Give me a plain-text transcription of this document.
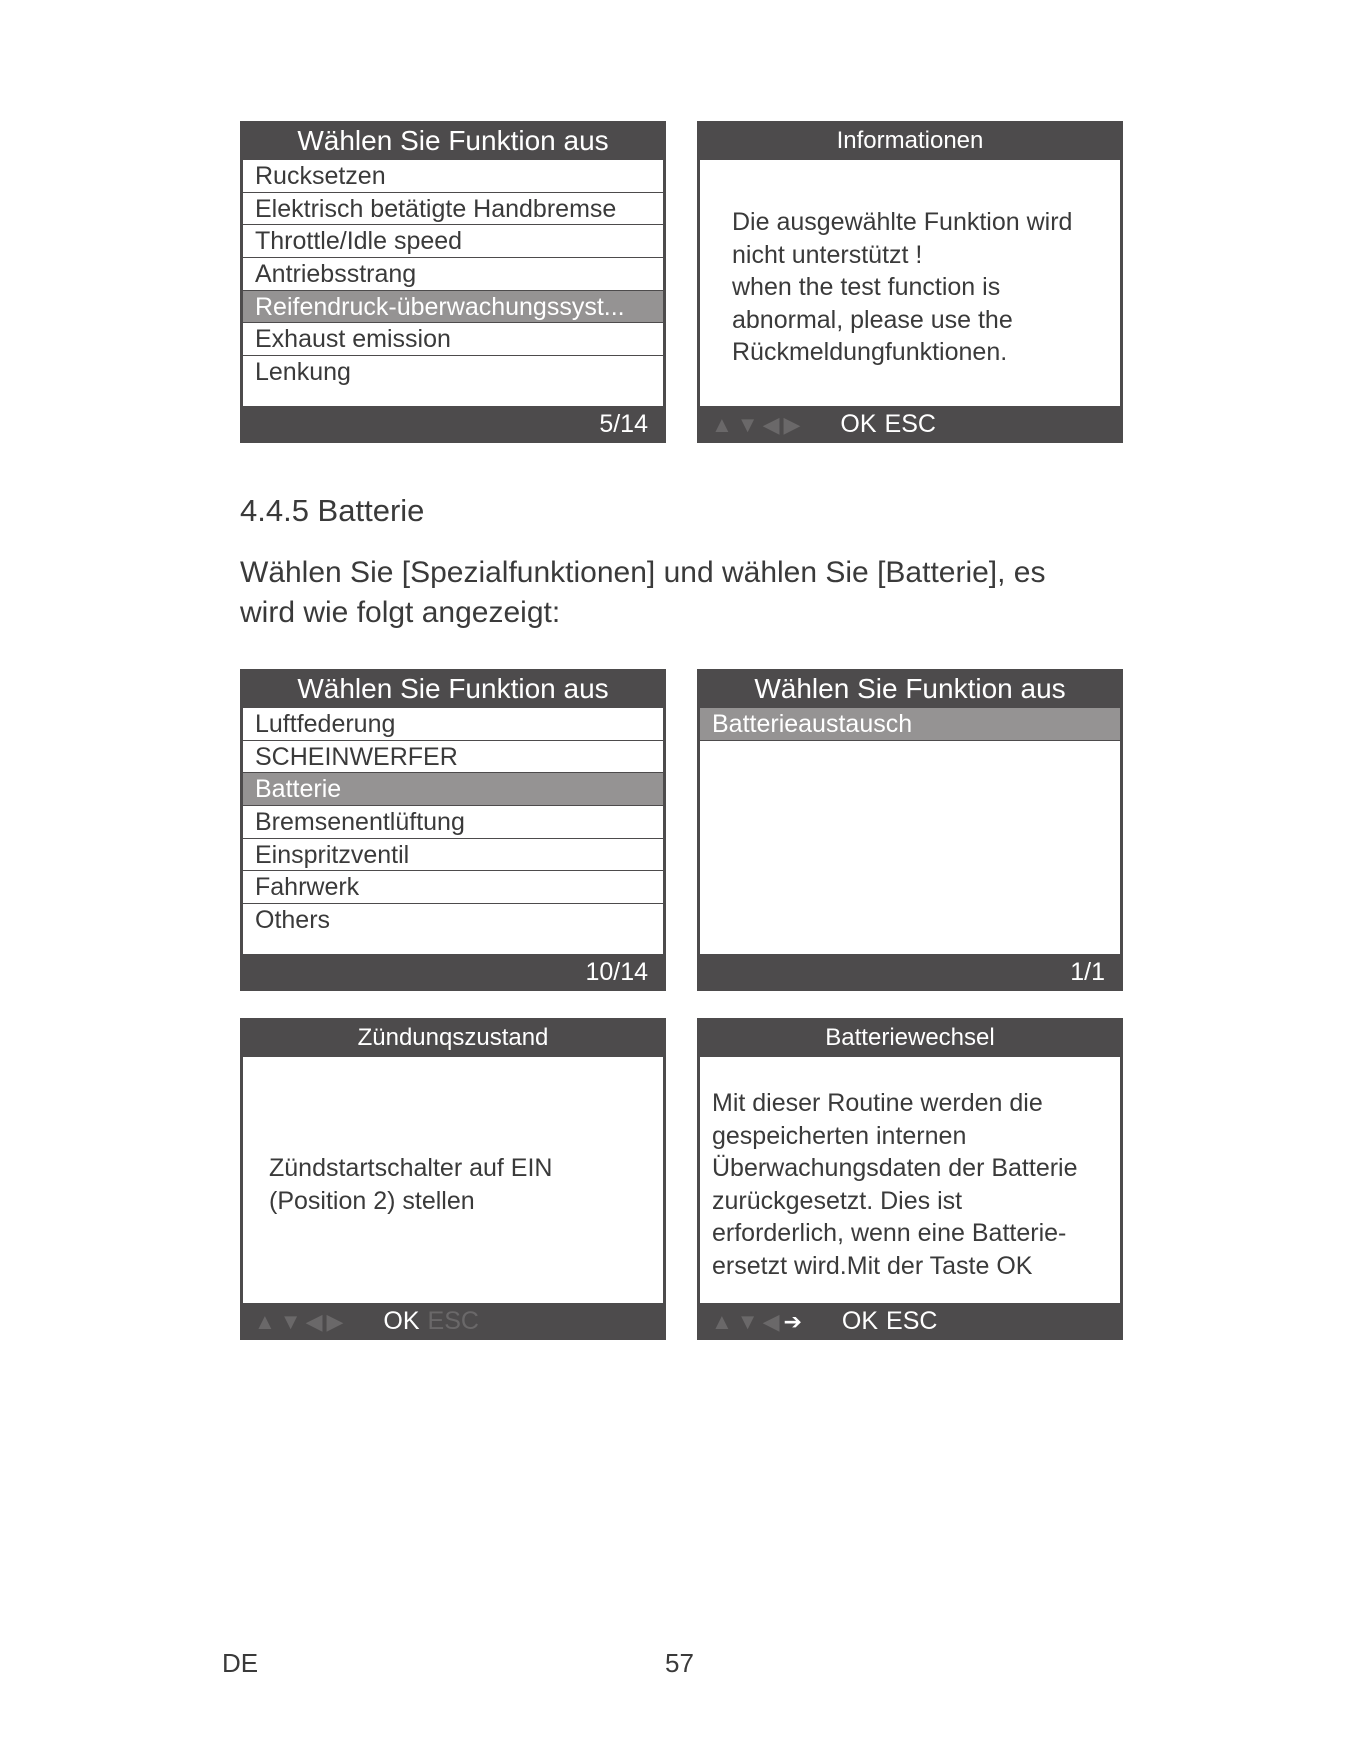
Wählen Sie Funktion aus
Rucksetzen
Elektrisch betätigte Handbremse
Throttle/Idle speed
Antriebsstrang
Reifendruck-überwachungssyst...
Exhaust emission
Lenkung
5/14
Informationen

Die ausgewählte Funktion wird
nicht unterstützt !
when the test function is
abnormal, please use the
Rückmeldungfunktionen.

▲ ▼ ◀ ▶ OK ESC
4.4.5 Batterie

Wählen Sie [Spezialfunktionen] und wählen Sie [Batterie], es
wird wie folgt angezeigt:

Wählen Sie Funktion aus
Luftfederung
SCHEINWERFER
Batterie
Bremsenentlüftung
Einspritzventil
Fahrwerk
Others
10/14
Wählen Sie Funktion aus
Batterieaustausch
1/1
Zündunqszustand

Zündstartschalter auf EIN
(Position 2) stellen

▲ ▼ ◀ ▶ OK ESC
Batteriewechsel

Mit dieser Routine werden die
gespeicherten internen
Überwachungsdaten der Batterie
zurückgesetzt. Dies ist
erforderlich, wenn eine Batterie-
ersetzt wird.Mit der Taste OK

▲ ▼ ◀ ➔ OK ESC
DE	57
